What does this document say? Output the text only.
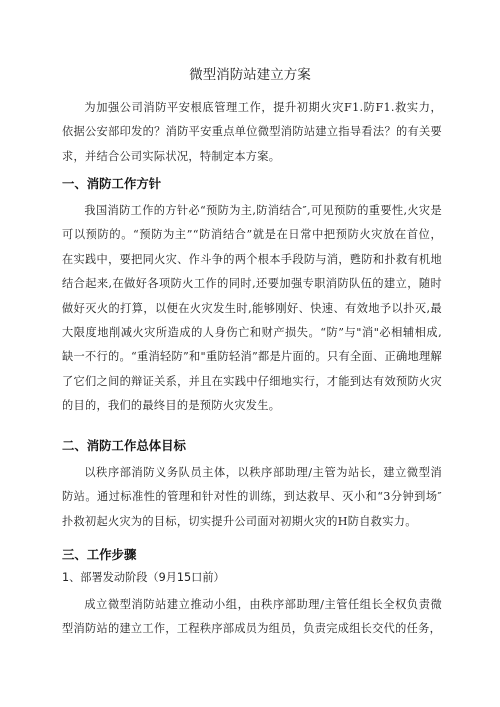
微型消防站建立方案

为加强公司消防平安根底管理工作，提升初期火灾F1.防F1.救实力，依据公安部印发的？消防平安重点单位微型消防站建立指导看法？的有关要求，并结合公司实际状况，特制定本方案。

一、消防工作方针

我国消防工作的方针必“预防为主,防消结合″,可见预防的重要性,火灾是可以预防的。“预防为主”“防消结合”就是在日常中把预防火灾放在首位，在实践中，要把同火灾、作斗争的两个根本手段防与消，甦防和扑救有机地结合起来,在做好各项防火工作的同时,还要加强专职消防队伍的建立，随时做好灭火的打算，以便在火灾发生时,能够刚好、快速、有效地予以扑灭,最大限度地削减火灾所造成的人身伤亡和财产损失。“防”与"消"必相辅相成,缺一不行的。“重消轻防”和"重防轻消”都是片面的。只有全面、正确地理解了它们之间的辩证关系，并且在实践中仔细地实行，才能到达有效预防火灾的目的，我们的最终目的是预防火灾发生。

二、消防工作总体目标

以秩序部消防义务队员主体，以秩序部助理/主管为站长，建立微型消防站。通过标准性的管理和针对性的训练，到达救早、灭小和“3分钟到场″扑救初起火灾为的目标，切实提升公司面对初期火灾的H防自救实力。

三、工作步骤
1、部署发动阶段（9月15口前）

成立微型消防站建立推动小组，由秩序部助理/主管任组长全权负责微型消防站的建立工作，工程秩序部成员为组员，负责完成组长交代的任务，
